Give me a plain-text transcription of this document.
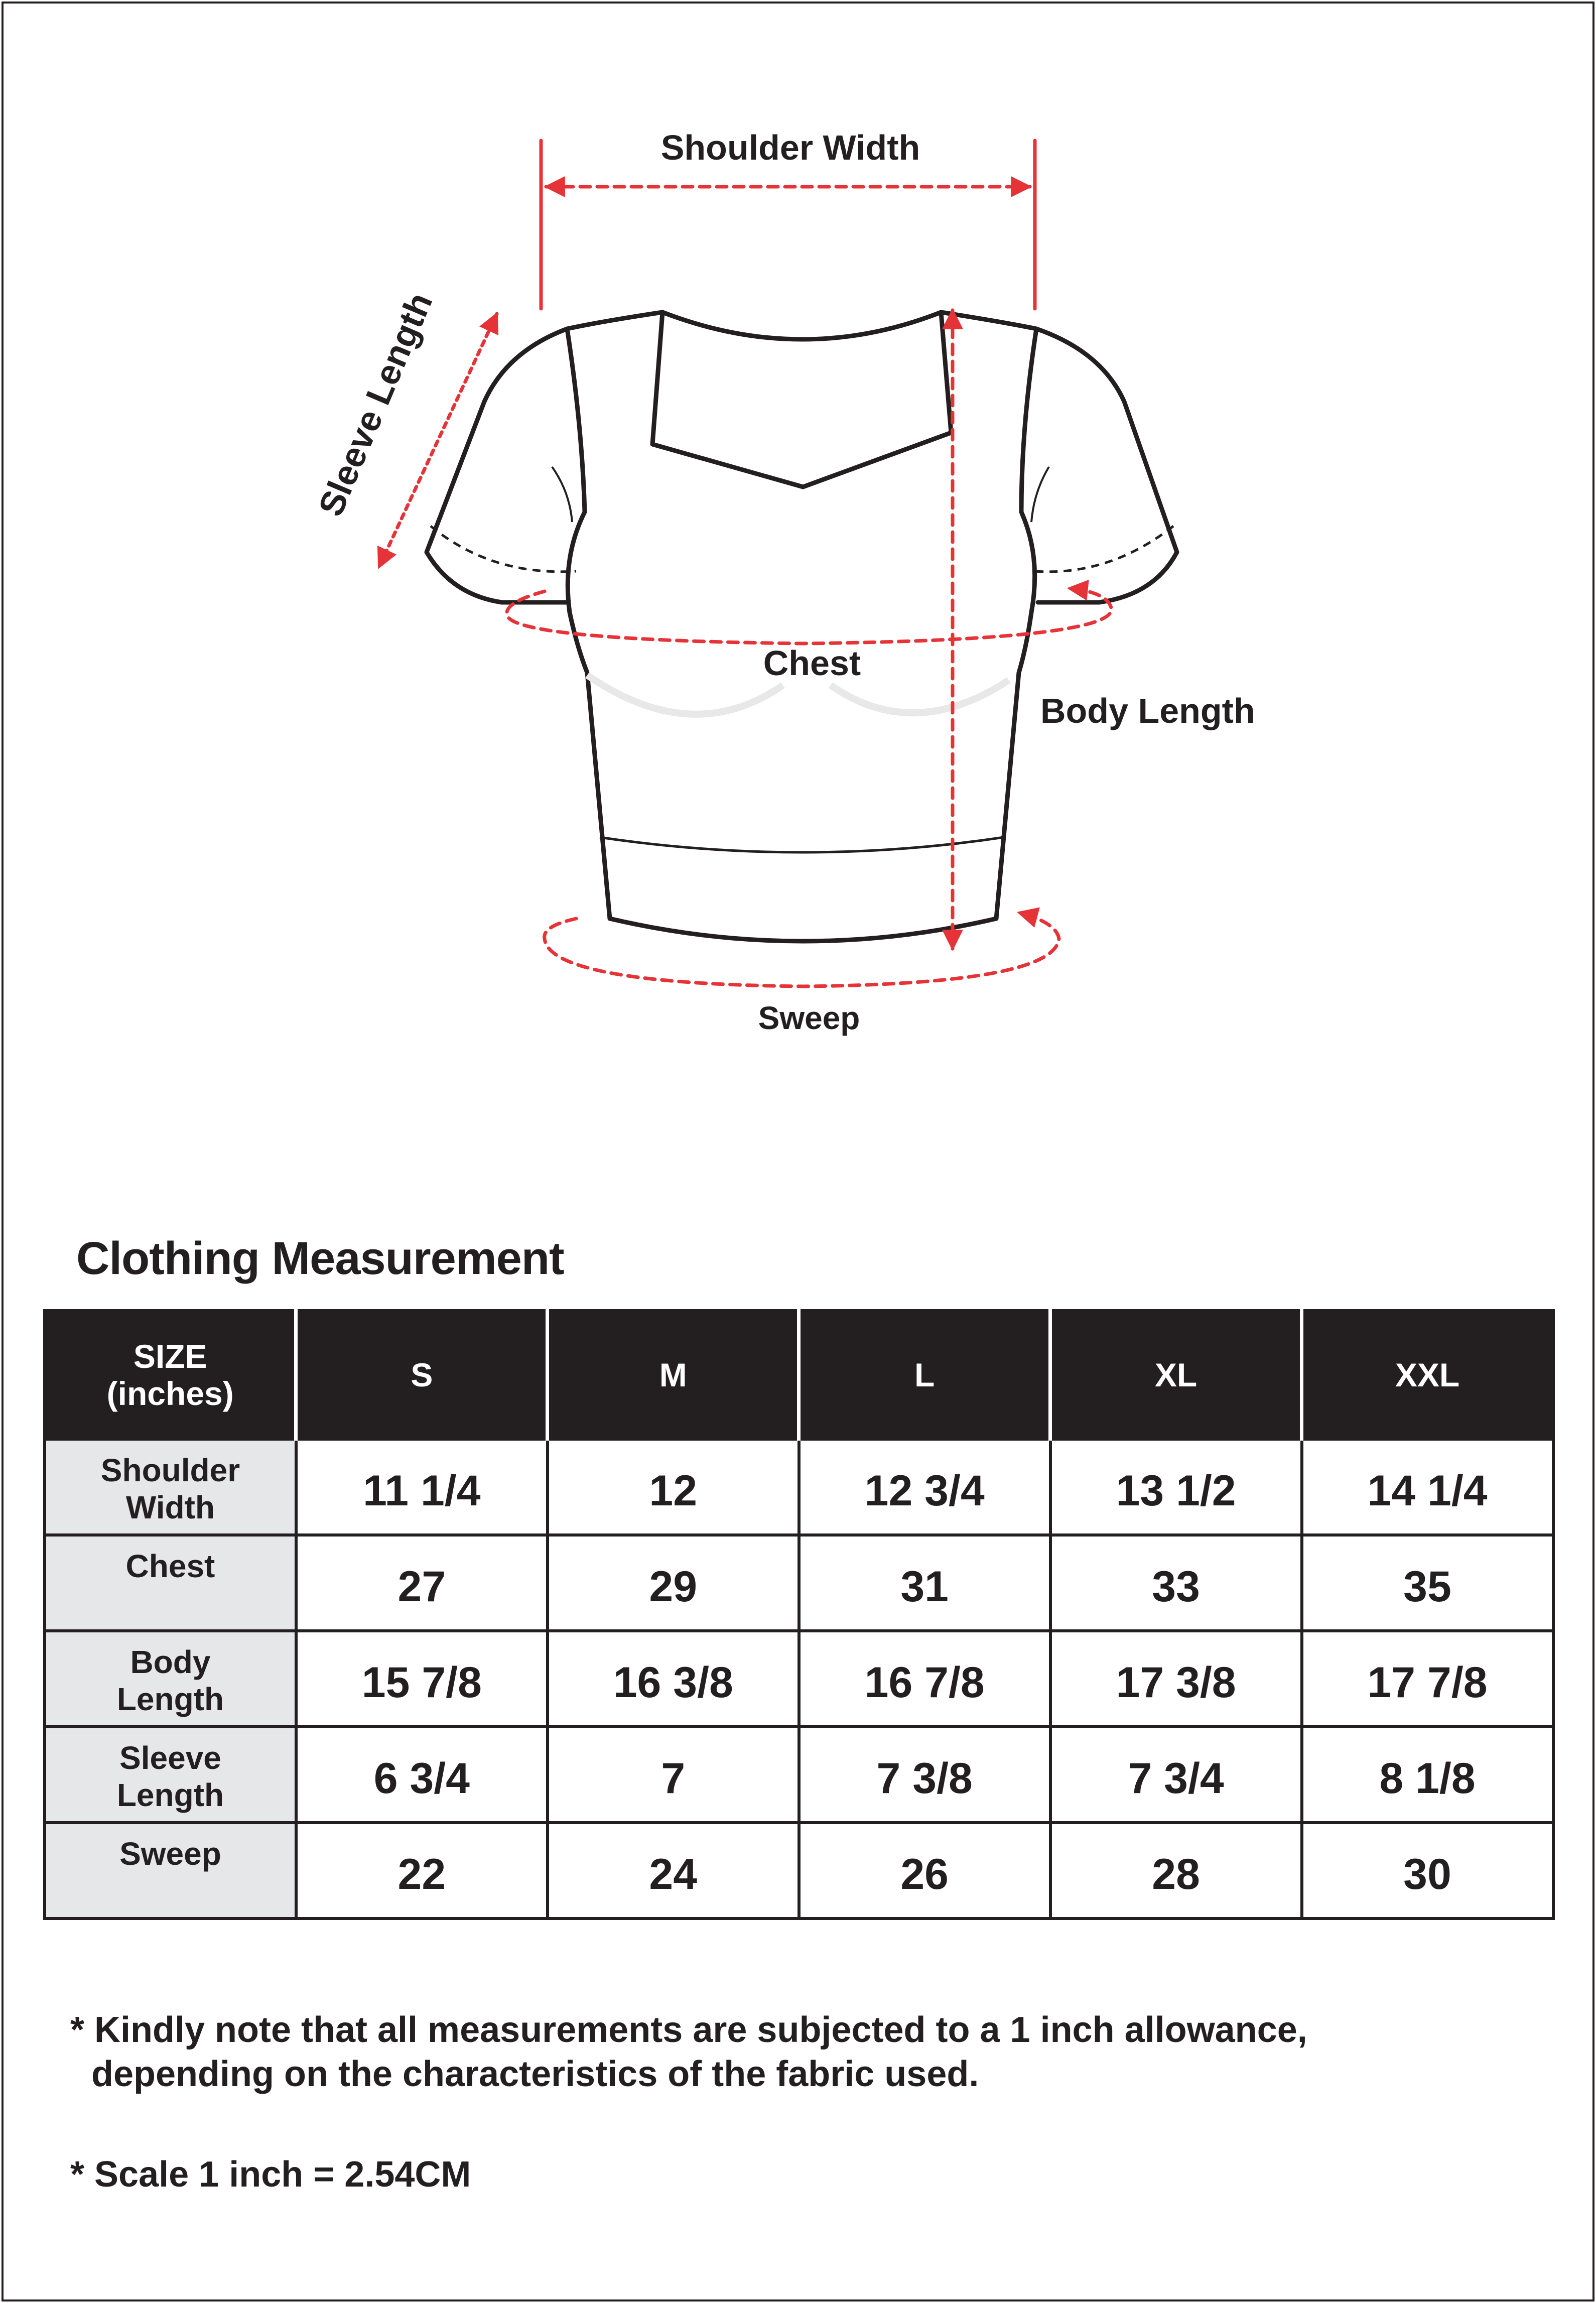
Shoulder Width
Sleeve Length
Chest
Body Length
Sweep
Clothing Measurement
SIZE
(inches)	S	M	L	XL	XXL

Shoulder
Width	11 1/4	12	12 3/4	13 1/2	14 1/4

Chest	27	29	31	33	35

Body
Length	15 7/8	16 3/8	16 7/8	17 3/8	17 7/8

Sleeve
Length	6 3/4	7	7 3/8	7 3/4	8 1/8

Sweep	22	24	26	28	30
* Kindly note that all measurements are subjected to a 1 inch allowance,
depending on the characteristics of the fabric used.
* Scale 1 inch = 2.54CM
